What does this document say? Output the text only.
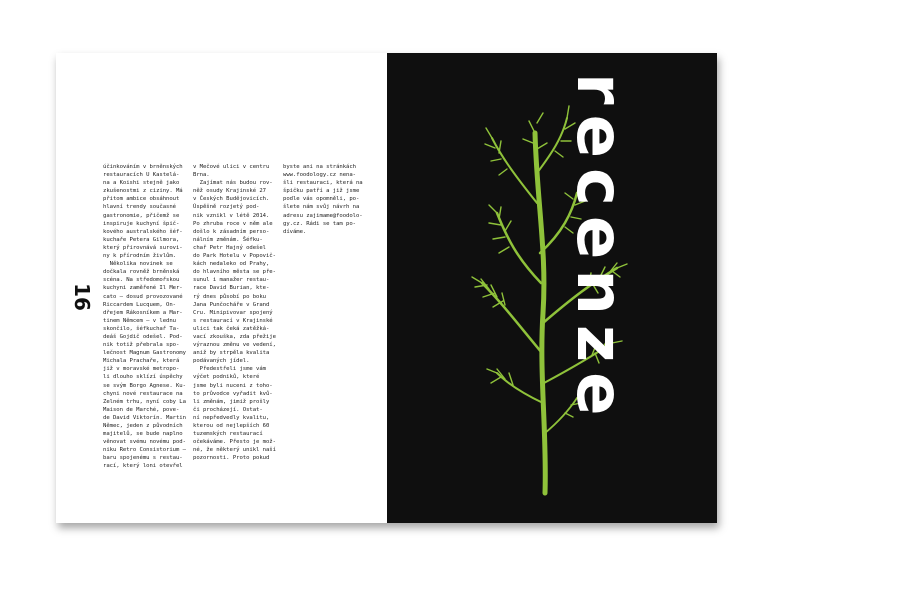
16
účinkováním v brněnských
restauracích U Kastelá-
na a Koishi stejně jako
zkušenostmi z ciziny. Má
přitom ambice obsáhnout
hlavní trendy současné
gastronomie, přičemž se
inspiruje kuchyní špič-
kového australského šéf-
kuchaře Petera Gilmora,
který přirovnává surovi-
ny k přírodním živlům.
Několika novinek se
dočkala rovněž brněnská
scéna. Na středomořskou
kuchyni zaměřené Il Mer-
cato – dosud provozované
Riccardem Lucquem, On-
dřejem Rákosníkem a Mar-
tinem Němcem – v lednu
skončilo, šéfkuchař Ta-
deáš Gojdič odešel. Pod-
nik totiž přebrala spo-
lečnost Magnum Gastronomy
Michala Prachaře, která
již v moravské metropo-
li dlouho sklízí úspěchy
se svým Borgo Agnese. Ku-
chyni nové restaurace na
Zelném trhu, nyní coby La
Maison de Marché, pove-
de David Viktorín. Martin
Němec, jeden z původních
majitelů, se bude naplno
věnovat svému novému pod-
niku Retro Consistorium –
baru spojenému s restau-
rací, který loni otevřel
v Mečové ulici v centru
Brna.
Zajímat nás budou rov-
něž osudy Krajinské 27
v Českých Budějovicích.
Úspěšně rozjetý pod-
nik vznikl v létě 2014.
Po zhruba roce v něm ale
došlo k zásadním perso-
nálním změnám. Šéfku-
chař Petr Hajný odešel
do Park Hotelu v Popovič-
kách nedaleko od Prahy,
do hlavního města se pře-
sunul i manažer restau-
race David Burian, kte-
rý dnes působí po boku
Jana Punčocháře v Grand
Cru. Minipivovar spojený
s restaurací v Krajinské
ulici tak čeká zatěžká-
vací zkouška, zda přežije
výraznou změnu ve vedení,
aniž by strpěla kvalita
podávaných jídel.
Předestřeli jsme vám
výčet podniků, které
jsme byli nuceni z toho-
to průvodce vyřadit kvů-
li změnám, jimiž prošly
či procházejí. Ostat-
ní nepředvedly kvalitu,
kterou od nejlepších 60
tuzemských restaurací
očekáváme. Přesto je mož-
né, že některý unikl naší
pozornosti. Proto pokud
byste ani na stránkách
www.foodology.cz nena-
šli restauraci, která na
špičku patří a již jsme
podle vás opomněli, po-
šlete nám svůj návrh na
adresu zajimame@foodolo-
gy.cz. Rádi se tam po-
díváme.	recenze
